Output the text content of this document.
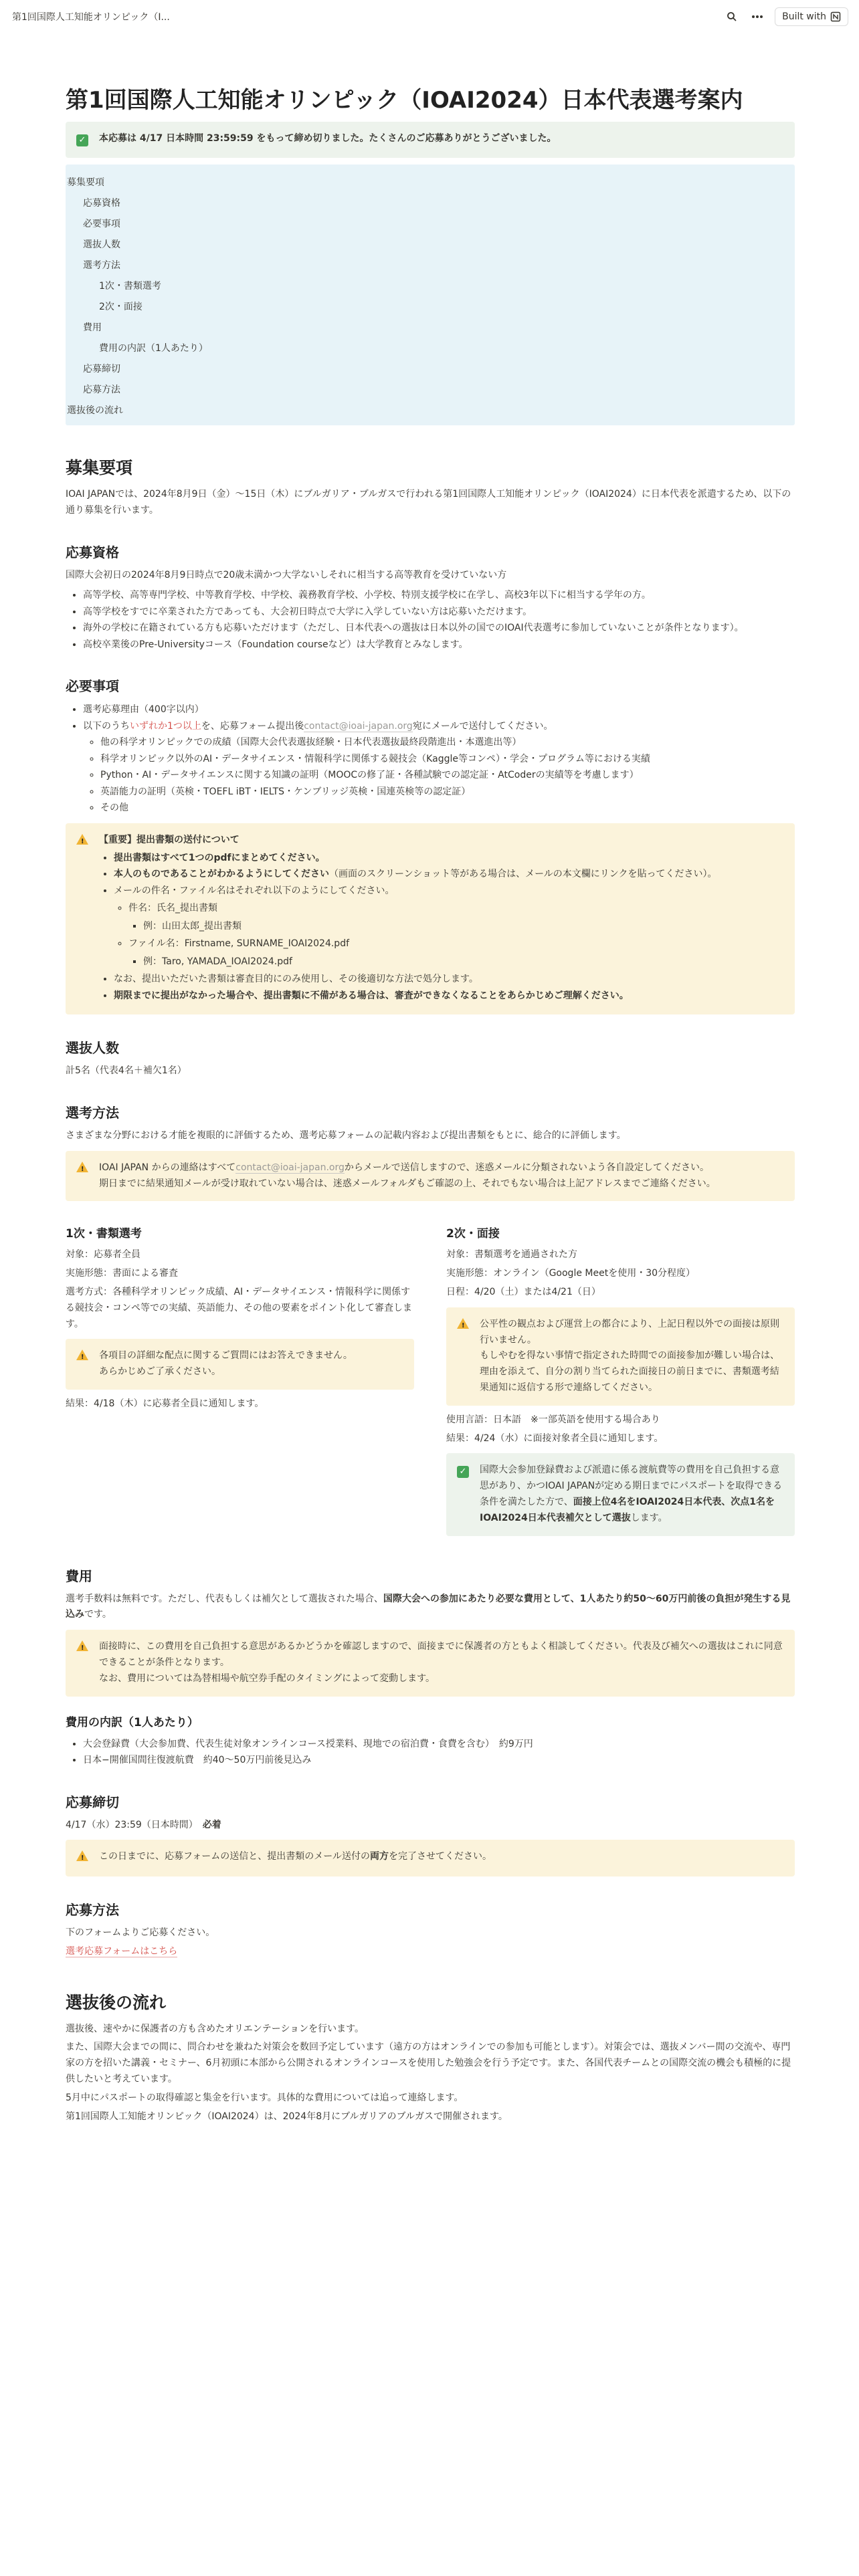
第1回国際人工知能オリンピック（I...	Built with
第1回国際人工知能オリンピック（IOAI2024）日本代表選考案内
✓	本応募は 4/17 日本時間 23:59:59 をもって締め切りました。たくさんのご応募ありがとうございました。
募集要項
応募資格
必要事項
選抜人数
選考方法
1次・書類選考
2次・面接
費用
費用の内訳（1人あたり）
応募締切
応募方法
選抜後の流れ
募集要項

IOAI JAPANでは、2024年8月9日（金）〜15日（木）にブルガリア・ブルガスで行われる第1回国際人工知能オリンピック（IOAI2024）に日本代表を派遣するため、以下の通り募集を行います。

応募資格

国際大会初日の2024年8月9日時点で20歳未満かつ大学ないしそれに相当する高等教育を受けていない方

• 高等学校、高等専門学校、中等教育学校、中学校、義務教育学校、小学校、特別支援学校に在学し、高校3年以下に相当する学年の方。
• 高等学校をすでに卒業された方であっても、大会初日時点で大学に入学していない方は応募いただけます。
• 海外の学校に在籍されている方も応募いただけます（ただし、日本代表への選抜は日本以外の国でのIOAI代表選考に参加していないことが条件となります）。
• 高校卒業後のPre-Universityコース（Foundation courseなど）は大学教育とみなします。
必要事項
• 選考応募理由（400字以内）
• 以下のうちいずれか1つ以上を、応募フォーム提出後contact@ioai-japan.org宛にメールで送付してください。
◦ 他の科学オリンピックでの成績（国際大会代表選抜経験・日本代表選抜最終段階進出・本選進出等）
◦ 科学オリンピック以外のAI・データサイエンス・情報科学に関係する競技会（Kaggle等コンペ）・学会・プログラム等における実績
◦ Python・AI・データサイエンスに関する知識の証明（MOOCの修了証・各種試験での認定証・AtCoderの実績等を考慮します）
◦ 英語能力の証明（英検・TOEFL iBT・IELTS・ケンブリッジ英検・国連英検等の認定証）
◦ その他
!
【重要】提出書類の送付について
• 提出書類はすべて1つのpdfにまとめてください。
• 本人のものであることがわかるようにしてください（画面のスクリーンショット等がある場合は、メールの本文欄にリンクを貼ってください）。
• メールの件名・ファイル名はそれぞれ以下のようにしてください。
◦ 件名：氏名_提出書類
▪ 例：山田太郎_提出書類
◦ ファイル名：Firstname, SURNAME_IOAI2024.pdf
▪ 例：Taro, YAMADA_IOAI2024.pdf
• なお、提出いただいた書類は審査目的にのみ使用し、その後適切な方法で処分します。
• 期限までに提出がなかった場合や、提出書類に不備がある場合は、審査ができなくなることをあらかじめご理解ください。
選抜人数

計5名（代表4名＋補欠1名）

選考方法

さまざまな分野における才能を複眼的に評価するため、選考応募フォームの記載内容および提出書類をもとに、総合的に評価します。

!
IOAI JAPAN からの連絡はすべてcontact@ioai-japan.orgからメールで送信しますので、迷惑メールに分類されないよう各自設定してください。
期日までに結果通知メールが受け取れていない場合は、迷惑メールフォルダもご確認の上、それでもない場合は上記アドレスまでご連絡ください。
1次・書類選考

対象：応募者全員

実施形態：書面による審査

選考方式：各種科学オリンピック成績、AI・データサイエンス・情報科学に関係する競技会・コンペ等での実績、英語能力、その他の要素をポイント化して審査します。

!
各項目の詳細な配点に関するご質問にはお答えできません。
あらかじめご了承ください。

結果：4/18（木）に応募者全員に通知します。

2次・面接

対象：書類選考を通過された方

実施形態：オンライン（Google Meetを使用・30分程度）

日程：4/20（土）または4/21（日）

!
公平性の観点および運営上の都合により、上記日程以外での面接は原則行いません。
もしやむを得ない事情で指定された時間での面接参加が難しい場合は、理由を添えて、自分の割り当てられた面接日の前日までに、書類選考結果通知に返信する形で連絡してください。

使用言語：日本語　※一部英語を使用する場合あり

結果：4/24（水）に面接対象者全員に通知します。

✓	国際大会参加登録費および派遣に係る渡航費等の費用を自己負担する意思があり、かつIOAI JAPANが定める期日までにパスポートを取得できる条件を満たした方で、面接上位4名をIOAI2024日本代表、次点1名をIOAI2024日本代表補欠として選抜します。
費用

選考手数料は無料です。ただし、代表もしくは補欠として選抜された場合、国際大会への参加にあたり必要な費用として、1人あたり約50〜60万円前後の負担が発生する見込みです。

!
面接時に、この費用を自己負担する意思があるかどうかを確認しますので、面接までに保護者の方ともよく相談してください。代表及び補欠への選抜はこれに同意できることが条件となります。
なお、費用については為替相場や航空券手配のタイミングによって変動します。
費用の内訳（1人あたり）
• 大会登録費（大会参加費、代表生徒対象オンラインコース授業料、現地での宿泊費・食費を含む）　約9万円
• 日本−開催国間往復渡航費　約40〜50万円前後見込み
応募締切

4/17（水）23:59（日本時間）　 必着

!
この日までに、応募フォームの送信と、提出書類のメール送付の両方を完了させてください。
応募方法

下のフォームよりご応募ください。

選考応募フォームはこちら

選抜後の流れ

選抜後、速やかに保護者の方も含めたオリエンテーションを行います。

また、国際大会までの間に、問合わせを兼ねた対策会を数回予定しています（遠方の方はオンラインでの参加も可能とします）。対策会では、選抜メンバー間の交流や、専門家の方を招いた講義・セミナー、6月初頭に本部から公開されるオンラインコースを使用した勉強会を行う予定です。また、各国代表チームとの国際交流の機会も積極的に提供したいと考えています。

5月中にパスポートの取得確認と集金を行います。具体的な費用については追って連絡します。

第1回国際人工知能オリンピック（IOAI2024）は、2024年8月にブルガリアのブルガスで開催されます。
